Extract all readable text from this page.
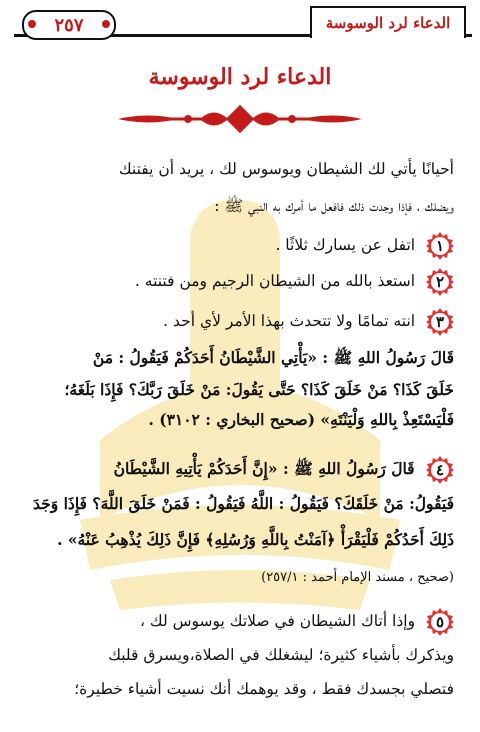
٢٥٧	الدعاء لرد الوسوسة
الدعاء لرد الوسوسة
أحيانًا يأتي لك الشيطان ويوسوس لك ، يريد أن يفتنك
ويضلك ، فإذا وجدت ذلك فافعل ما أمرك به النبي ﷺ :
١
اتفل عن يسارك ثلاثًا .
٢
استعذ بالله من الشيطان الرجيم ومن فتنته .
٣
انته تمامًا ولا تتحدث بهذا الأمر لأي أحد .
قَالَ رَسُولُ اللهِ ﷺ : «يَأْتِي الشَّيْطَانُ أَحَدَكُمْ فَيَقُولُ : مَنْ
خَلَقَ كَذَا؟ مَنْ خَلَقَ كَذَا؟ حَتَّى يَقُولَ: مَنْ خَلَقَ رَبَّكَ؟ فَإِذَا بَلَغَهُ؛
فَلْيَسْتَعِذْ بِاللهِ وَلْيَنْتَهِ» (صحيح البخاري : ٣١٠٢) .
٤
قَالَ رَسُولُ اللهِ ﷺ : «إِنَّ أَحَدَكُمْ يَأْتِيهِ الشَّيْطَانُ
فَيَقُولُ: مَنْ خَلَقَكَ؟ فَيَقُولُ : اللَّهُ فَيَقُولُ : فَمَنْ خَلَقَ اللَّهَ؟ فَإِذَا وَجَدَ
ذَلِكَ أَحَدُكُمْ فَلْيَقْرَأْ ﴿آمَنْتُ بِاللَّهِ وَرُسُلِهِ﴾ فَإِنَّ ذَلِكَ يُذْهِبُ عَنْهُ» .
(صحيح ، مسند الإمام أحمد : ٢٥٧/١)
٥
وإذا أتاك الشيطان في صلاتك يوسوس لك ،
ويذكرك بأشياء كثيرة؛ ليشغلك في الصلاة،ويسرق قلبك
فتصلي بجسدك فقط ، وقد يوهمك أنك نسيت أشياء خطيرة؛
